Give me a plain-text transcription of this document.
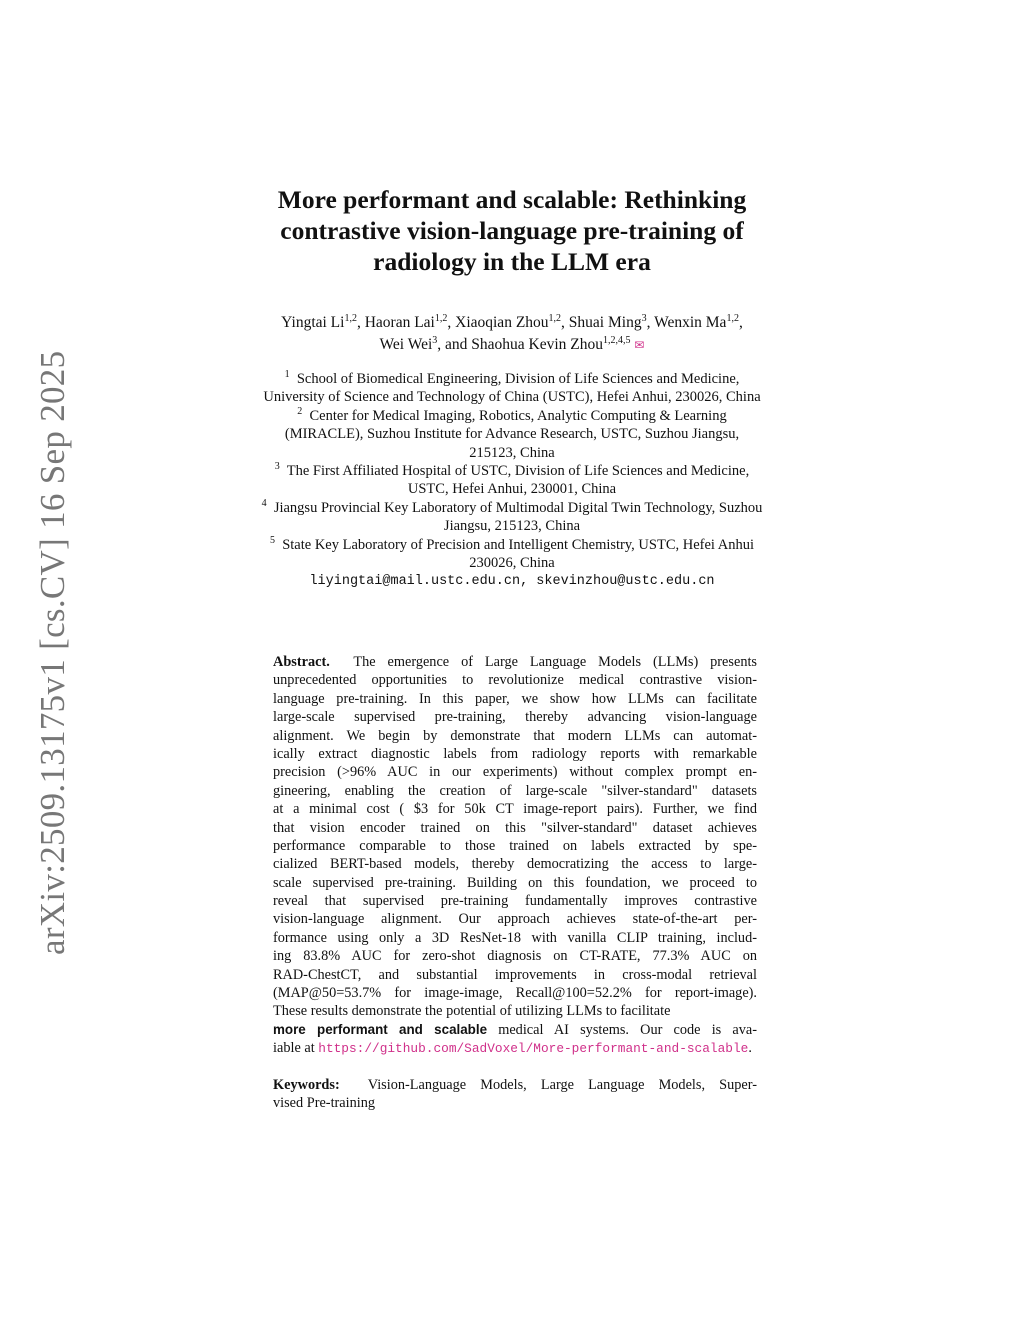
arXiv:2509.13175v1 [cs.CV] 16 Sep 2025
More performant and scalable: Rethinking
contrastive vision-language pre-training of
radiology in the LLM era
Yingtai Li$^{1,2}$, Haoran Lai$^{1,2}$, Xiaoqian Zhou$^{1,2}$, Shuai Ming$^3$, Wenxin Ma$^{1,2}$,
Wei Wei$^3$, and Shaohua Kevin Zhou$^{1,2,4,5}$ ✉
$^1$ School of Biomedical Engineering, Division of Life Sciences and Medicine,
University of Science and Technology of China (USTC), Hefei Anhui, 230026, China
$^2$ Center for Medical Imaging, Robotics, Analytic Computing & Learning
(MIRACLE), Suzhou Institute for Advance Research, USTC, Suzhou Jiangsu,
215123, China
$^3$ The First Affiliated Hospital of USTC, Division of Life Sciences and Medicine,
USTC, Hefei Anhui, 230001, China
$^4$ Jiangsu Provincial Key Laboratory of Multimodal Digital Twin Technology, Suzhou
Jiangsu, 215123, China
$^5$ State Key Laboratory of Precision and Intelligent Chemistry, USTC, Hefei Anhui
230026, China
liyingtai@mail.ustc.edu.cn, skevinzhou@ustc.edu.cn
Abstract. The emergence of Large Language Models (LLMs) presents
unprecedented opportunities to revolutionize medical contrastive vision-
language pre-training. In this paper, we show how LLMs can facilitate
large-scale supervised pre-training, thereby advancing vision-language
alignment. We begin by demonstrate that modern LLMs can automat-
ically extract diagnostic labels from radiology reports with remarkable
precision (>96% AUC in our experiments) without complex prompt en-
gineering, enabling the creation of large-scale "silver-standard" datasets
at a minimal cost ( $3 for 50k CT image-report pairs). Further, we find
that vision encoder trained on this "silver-standard" dataset achieves
performance comparable to those trained on labels extracted by spe-
cialized BERT-based models, thereby democratizing the access to large-
scale supervised pre-training. Building on this foundation, we proceed to
reveal that supervised pre-training fundamentally improves contrastive
vision-language alignment. Our approach achieves state-of-the-art per-
formance using only a 3D ResNet-18 with vanilla CLIP training, includ-
ing 83.8% AUC for zero-shot diagnosis on CT-RATE, 77.3% AUC on
RAD-ChestCT, and substantial improvements in cross-modal retrieval
(MAP@50=53.7% for image-image, Recall@100=52.2% for report-image).
These results demonstrate the potential of utilizing LLMs to facilitate
more performant and scalable medical AI systems. Our code is ava-
iable at https://github.com/SadVoxel/More-performant-and-scalable.
Keywords: Vision-Language Models, Large Language Models, Super-
vised Pre-training
